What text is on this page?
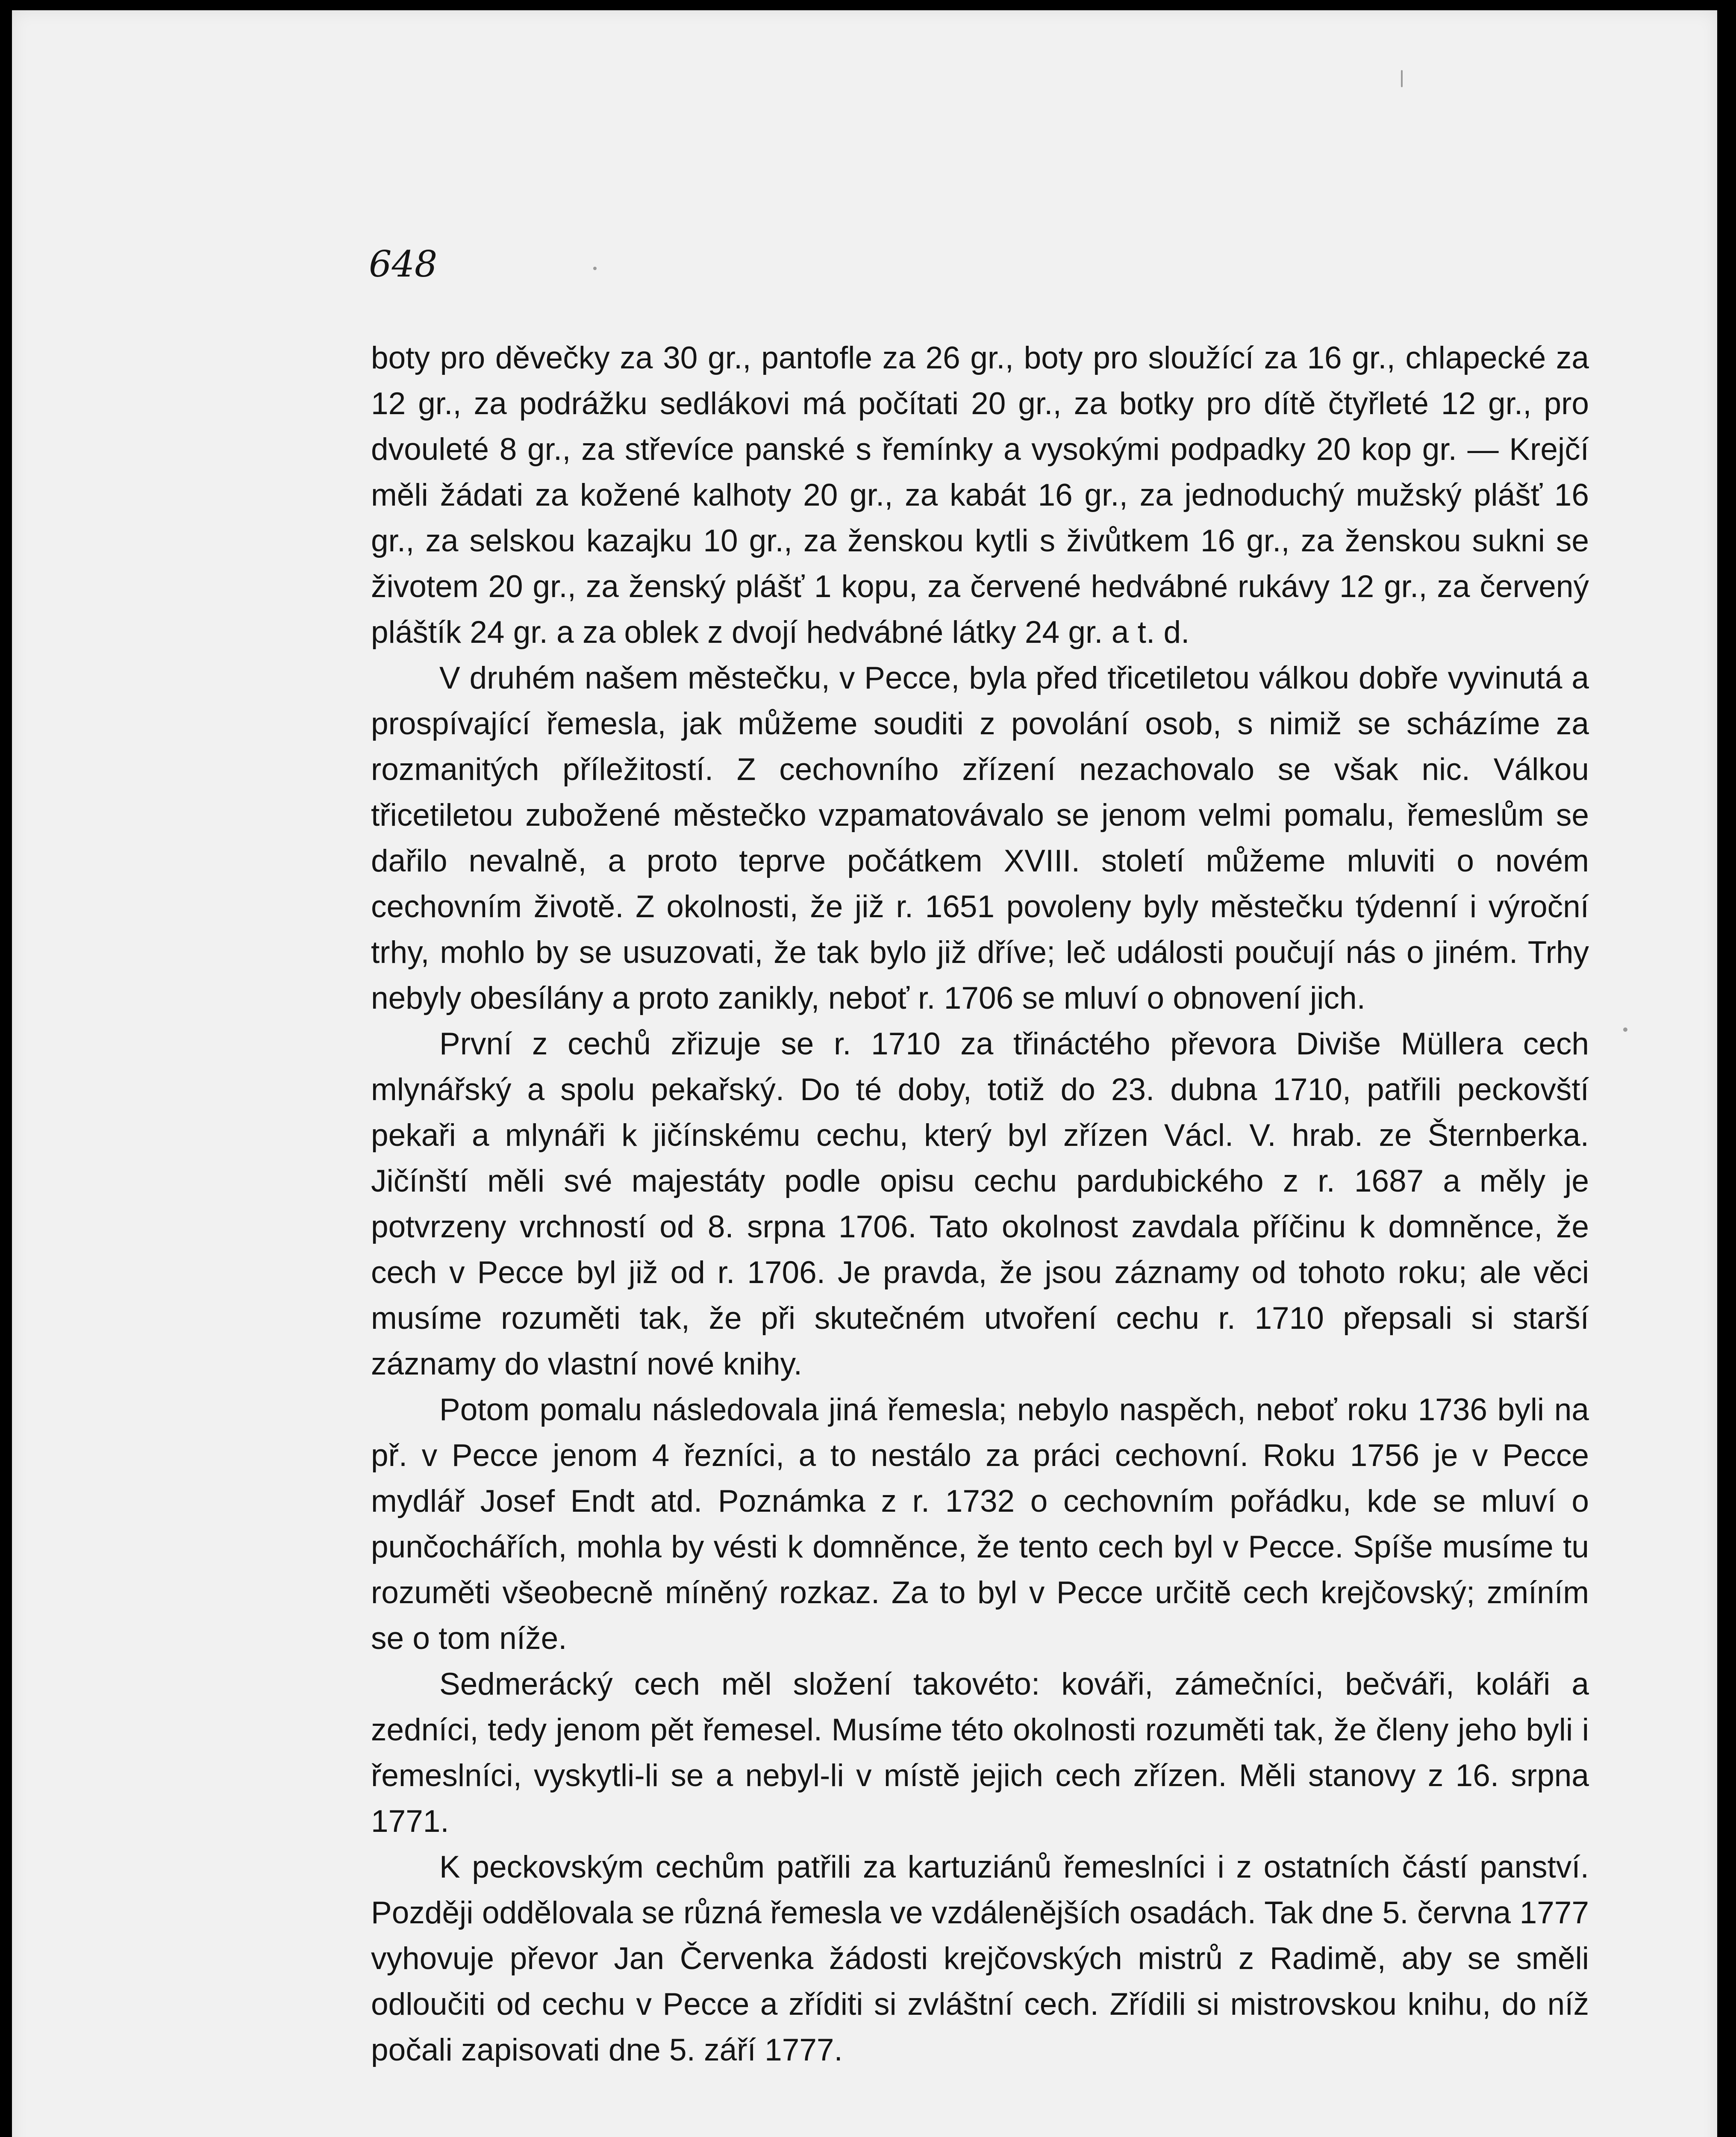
648

boty pro děvečky za 30 gr., pantofle za 26 gr., boty pro sloužící za 16 gr., chlapecké za 12 gr., za podrážku sedlákovi má počítati 20 gr., za botky pro dítě čtyřleté 12 gr., pro dvouleté 8 gr., za střevíce panské s řemínky a vysokými podpadky 20 kop gr. — Krejčí měli žádati za kožené kalhoty 20 gr., za kabát 16 gr., za jednoduchý mužský plášť 16 gr., za selskou kazajku 10 gr., za ženskou kytli s živůtkem 16 gr., za ženskou sukni se životem 20 gr., za ženský plášť 1 kopu, za červené hedvábné rukávy 12 gr., za červený pláštík 24 gr. a za oblek z dvojí hedvábné látky 24 gr. a t. d.

V druhém našem městečku, v Pecce, byla před třicetiletou válkou dobře vyvinutá a prospívající řemesla, jak můžeme souditi z povolání osob, s nimiž se scházíme za rozmanitých příležitostí. Z cechovního zřízení nezachovalo se však nic. Válkou třicetiletou zubožené městečko vzpamatovávalo se jenom velmi pomalu, řemeslům se dařilo nevalně, a proto teprve počátkem XVIII. století můžeme mluviti o novém cechovním životě. Z okolnosti, že již r. 1651 povoleny byly městečku týdenní i výroční trhy, mohlo by se usuzovati, že tak bylo již dříve; leč události poučují nás o jiném. Trhy nebyly obesílány a proto zanikly, neboť r. 1706 se mluví o obnovení jich.

První z cechů zřizuje se r. 1710 za třináctého převora Diviše Müllera cech mlynářský a spolu pekařský. Do té doby, totiž do 23. dubna 1710, patřili peckovští pekaři a mlynáři k jičínskému cechu, který byl zřízen Václ. V. hrab. ze Šternberka. Jičínští měli své majestáty podle opisu cechu pardubického z r. 1687 a měly je potvrzeny vrchností od 8. srpna 1706. Tato okolnost zavdala příčinu k domněnce, že cech v Pecce byl již od r. 1706. Je pravda, že jsou záznamy od tohoto roku; ale věci musíme rozuměti tak, že při skutečném utvoření cechu r. 1710 přepsali si starší záznamy do vlastní nové knihy.

Potom pomalu následovala jiná řemesla; nebylo naspěch, neboť roku 1736 byli na př. v Pecce jenom 4 řezníci, a to nestálo za práci cechovní. Roku 1756 je v Pecce mydlář Josef Endt atd. Poznámka z r. 1732 o cechovním pořádku, kde se mluví o punčochářích, mohla by vésti k domněnce, že tento cech byl v Pecce. Spíše musíme tu rozuměti všeobecně míněný rozkaz. Za to byl v Pecce určitě cech krejčovský; zmíním se o tom níže.

Sedmerácký cech měl složení takovéto: kováři, zámečníci, bečváři, koláři a zedníci, tedy jenom pět řemesel. Musíme této okolnosti rozuměti tak, že členy jeho byli i řemeslníci, vyskytli-li se a nebyl-li v místě jejich cech zřízen. Měli stanovy z 16. srpna 1771.

K peckovským cechům patřili za kartuziánů řemeslníci i z ostatních částí panství. Později oddělovala se různá řemesla ve vzdálenějších osadách. Tak dne 5. června 1777 vyhovuje převor Jan Červenka žádosti krejčovských mistrů z Radimě, aby se směli odloučiti od cechu v Pecce a zříditi si zvláštní cech. Zřídili si mistrovskou knihu, do níž počali zapisovati dne 5. září 1777.
